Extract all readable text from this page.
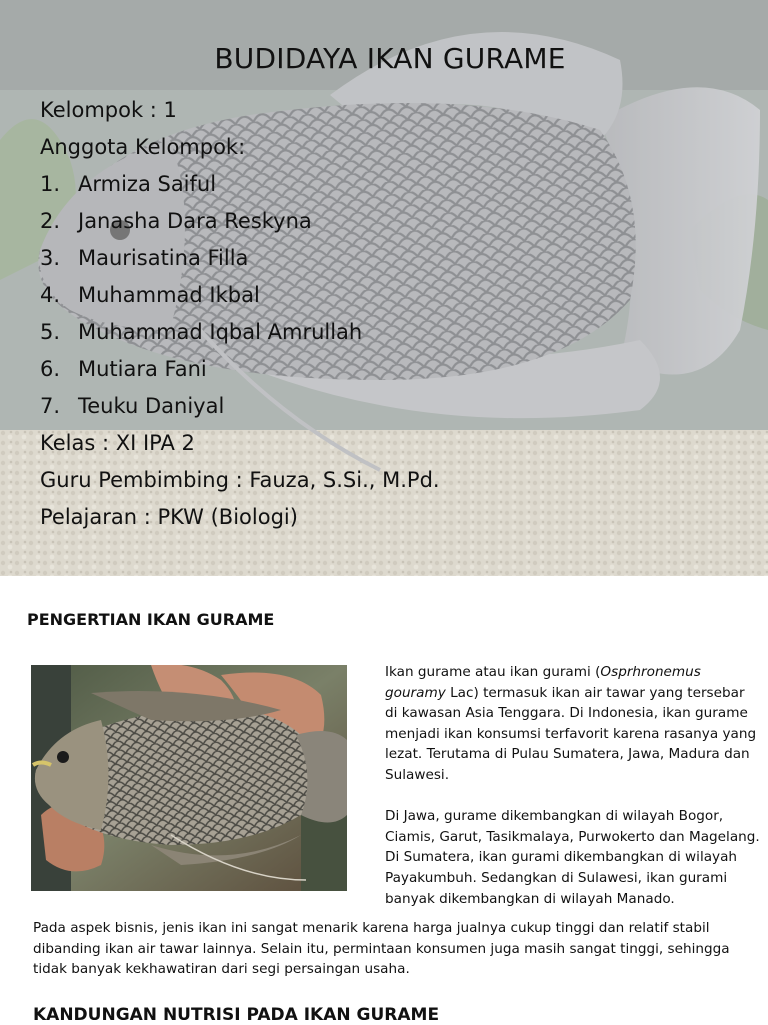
BUDIDAYA IKAN GURAME
Kelompok : 1
Anggota Kelompok:
1. Armiza Saiful
2. Janasha Dara Reskyna
3. Maurisatina Filla
4. Muhammad Ikbal
5. Muhammad Iqbal Amrullah
6. Mutiara Fani
7. Teuku Daniyal
Kelas : XI IPA 2
Guru Pembimbing : Fauza, S.Si., M.Pd.
Pelajaran : PKW (Biologi)
PENGERTIAN IKAN GURAME

Ikan gurame atau ikan gurami (Osprhronemus gouramy Lac) termasuk ikan air tawar yang tersebar di kawasan Asia Tenggara. Di Indonesia, ikan gurame menjadi ikan konsumsi terfavorit karena rasanya yang lezat. Terutama di Pulau Sumatera, Jawa, Madura dan Sulawesi.

Di Jawa, gurame dikembangkan di wilayah Bogor, Ciamis, Garut, Tasikmalaya, Purwokerto dan Magelang. Di Sumatera, ikan gurami dikembangkan di wilayah Payakumbuh. Sedangkan di Sulawesi, ikan gurami banyak dikembangkan di wilayah Manado.

Pada aspek bisnis, jenis ikan ini sangat menarik karena harga jualnya cukup tinggi dan relatif stabil dibanding ikan air tawar lainnya. Selain itu, permintaan konsumen juga masih sangat tinggi, sehingga tidak banyak kekhawatiran dari segi persaingan usaha.
KANDUNGAN NUTRISI PADA IKAN GURAME
